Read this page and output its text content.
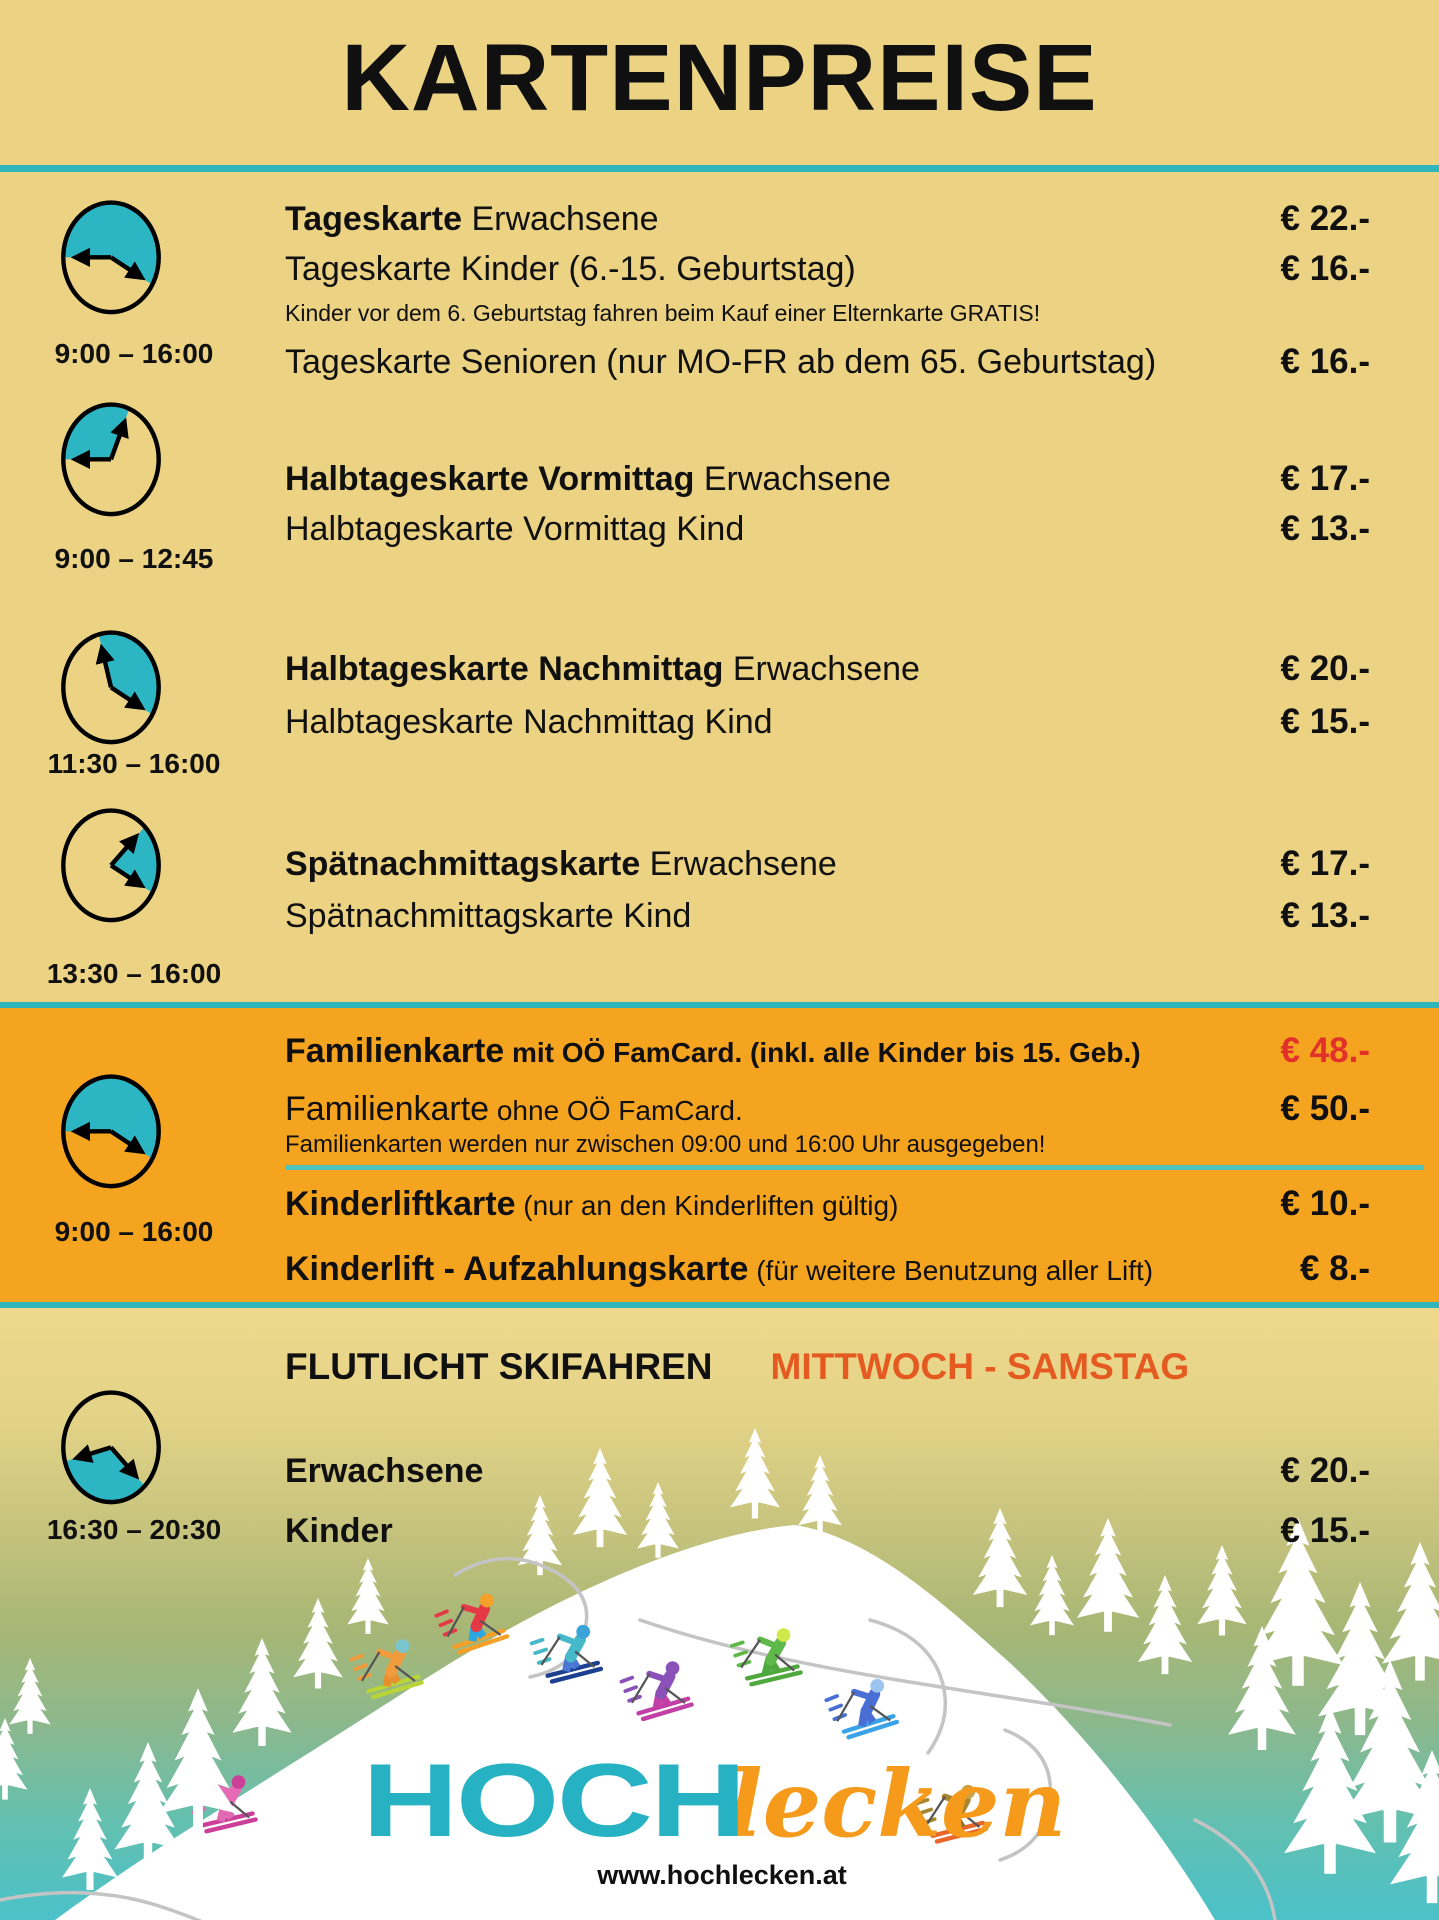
KARTENPREISE
9:00 – 16:00
Tageskarte Erwachsene	€ 22.-
Tageskarte Kinder (6.-15. Geburtstag)	€ 16.-
Kinder vor dem 6. Geburtstag fahren beim Kauf einer Elternkarte GRATIS!
Tageskarte Senioren (nur MO-FR ab dem 65. Geburtstag)	€ 16.-
9:00 – 12:45
Halbtageskarte Vormittag Erwachsene	€ 17.-
Halbtageskarte Vormittag Kind	€ 13.-
11:30 – 16:00
Halbtageskarte Nachmittag Erwachsene	€ 20.-
Halbtageskarte Nachmittag Kind	€ 15.-
13:30 – 16:00
Spätnachmittagskarte Erwachsene	€ 17.-
Spätnachmittagskarte Kind	€ 13.-
Familienkarte mit OÖ FamCard. (inkl. alle Kinder bis 15. Geb.)	€ 48.-
9:00 – 16:00
Familienkarte ohne OÖ FamCard.	€ 50.-
Familienkarten werden nur zwischen 09:00 und 16:00 Uhr ausgegeben!
Kinderliftkarte (nur an den Kinderliften gültig)	€ 10.-
Kinderlift - Aufzahlungskarte (für weitere Benutzung aller Lift)	€ 8.-
FLUTLICHT SKIFAHREN MITTWOCH - SAMSTAG
16:30 – 20:30
Erwachsene	€ 20.-
Kinder	€ 15.-
HOCHlecken
www.hochlecken.at
